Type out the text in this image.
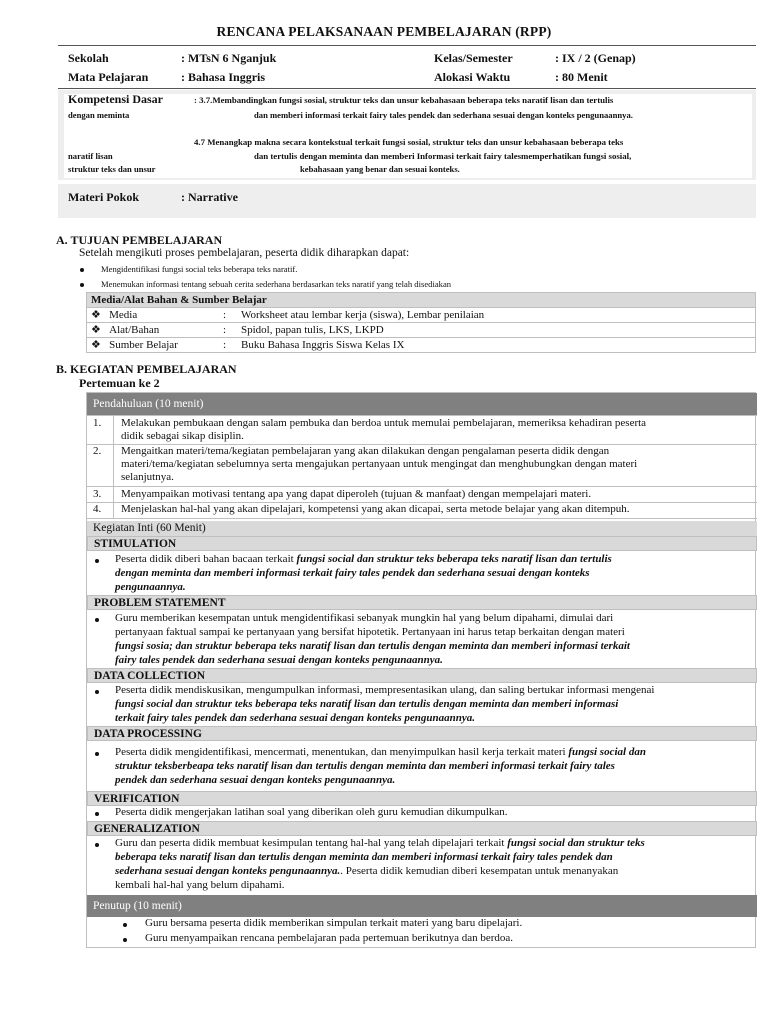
RENCANA PELAKSANAAN PEMBELAJARAN (RPP)
Sekolah	: MTsN 6 Nganjuk	Kelas/Semester	: IX / 2 (Genap)
Mata Pelajaran	: Bahasa Inggris	Alokasi Waktu	: 80 Menit
Kompetensi Dasar	: 3.7.Membandingkan fungsi sosial, struktur teks dan unsur kebahasaan beberapa teks naratif lisan dan tertulis
dengan meminta	dan memberi informasi terkait fairy tales pendek dan sederhana sesuai dengan konteks pengunaannya.
4.7 Menangkap makna secara kontekstual terkait fungsi sosial, struktur teks dan unsur kebahasaan beberapa teks
naratif lisan	dan tertulis dengan meminta dan memberi Informasi terkait fairy talesmemperhatikan fungsi sosial,
struktur teks dan unsur	kebahasaan yang benar dan sesuai konteks.
Materi Pokok	: Narrative
A. TUJUAN PEMBELAJARAN
Setelah mengikuti proses pembelajaran, peserta didik diharapkan dapat:
Mengidentifikasi fungsi social teks beberapa teks naratif.
Menemukan informasi tentang sebuah cerita sederhana berdasarkan teks naratif yang telah disediakan
Media/Alat Bahan & Sumber Belajar		
❖ Media	:	Worksheet atau lembar kerja (siswa), Lembar penilaian
❖ Alat/Bahan	:	Spidol, papan tulis, LKS, LKPD
❖ Sumber Belajar	:	Buku Bahasa Inggris Siswa Kelas IX
B. KEGIATAN PEMBELAJARAN
Pertemuan ke 2
Pendahuluan (10 menit)
1. Melakukan pembukaan dengan salam pembuka dan berdoa untuk memulai pembelajaran, memeriksa kehadiran peserta
didik sebagai sikap disiplin.
2. Mengaitkan materi/tema/kegiatan pembelajaran yang akan dilakukan dengan pengalaman peserta didik dengan
materi/tema/kegiatan sebelumnya serta mengajukan pertanyaan untuk mengingat dan menghubungkan dengan materi
selanjutnya.
3. Menyampaikan motivasi tentang apa yang dapat diperoleh (tujuan & manfaat) dengan mempelajari materi.
4. Menjelaskan hal-hal yang akan dipelajari, kompetensi yang akan dicapai, serta metode belajar yang akan ditempuh.
Kegiatan Inti (60 Menit)
STIMULATION
Peserta didik diberi bahan bacaan terkait fungsi social dan struktur teks beberapa teks naratif lisan dan tertulis
dengan meminta dan memberi informasi terkait fairy tales pendek dan sederhana sesuai dengan konteks
pengunaannya.
PROBLEM STATEMENT
Guru memberikan kesempatan untuk mengidentifikasi sebanyak mungkin hal yang belum dipahami, dimulai dari
pertanyaan faktual sampai ke pertanyaan yang bersifat hipotetik. Pertanyaan ini harus tetap berkaitan dengan materi
fungsi sosia; dan struktur beberapa teks naratif lisan dan tertulis dengan meminta dan memberi informasi terkait
fairy tales pendek dan sederhana sesuai dengan konteks pengunaannya.
DATA COLLECTION
Peserta didik mendiskusikan, mengumpulkan informasi, mempresentasikan ulang, dan saling bertukar informasi mengenai
fungsi social dan struktur teks beberapa teks naratif lisan dan tertulis dengan meminta dan memberi informasi
terkait fairy tales pendek dan sederhana sesuai dengan konteks pengunaannya.
DATA PROCESSING
Peserta didik mengidentifikasi, mencermati, menentukan, dan menyimpulkan hasil kerja terkait materi fungsi social dan
struktur teksberbeapa teks naratif lisan dan tertulis dengan meminta dan memberi informasi terkait fairy tales
pendek dan sederhana sesuai dengan konteks pengunaannya.
VERIFICATION
Peserta didik mengerjakan latihan soal yang diberikan oleh guru kemudian dikumpulkan.
GENERALIZATION
Guru dan peserta didik membuat kesimpulan tentang hal-hal yang telah dipelajari terkait fungsi social dan struktur teks
beberapa teks naratif lisan dan tertulis dengan meminta dan memberi informasi terkait fairy tales pendek dan
sederhana sesuai dengan konteks pengunaannya.. Peserta didik kemudian diberi kesempatan untuk menanyakan
kembali hal-hal yang belum dipahami.
Penutup (10 menit)
Guru bersama peserta didik memberikan simpulan terkait materi yang baru dipelajari.
Guru menyampaikan rencana pembelajaran pada pertemuan berikutnya dan berdoa.
